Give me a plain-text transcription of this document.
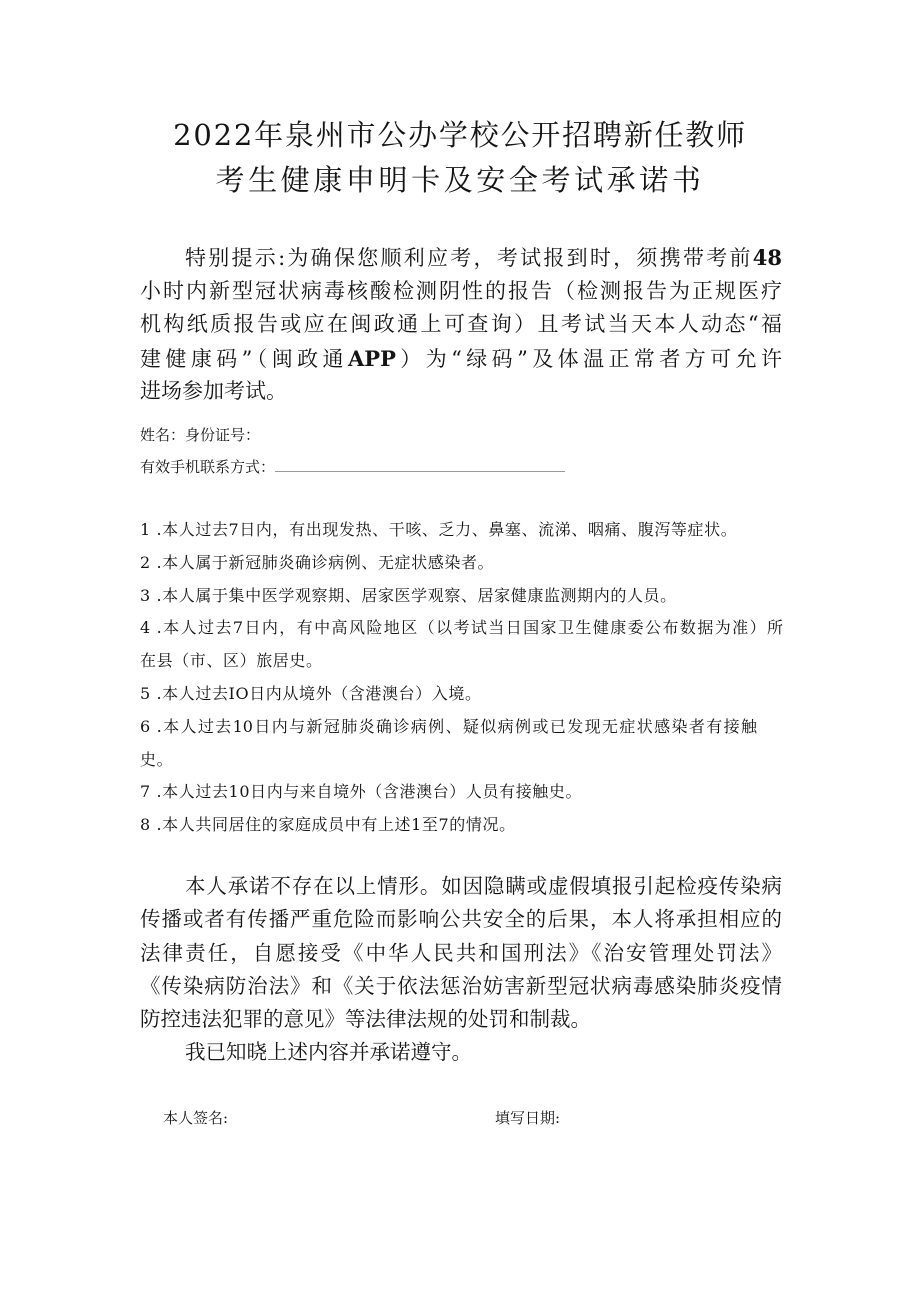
2022年泉州市公办学校公开招聘新任教师
考生健康申明卡及安全考试承诺书
特别提示:为确保您顺利应考，考试报到时，须携带考前48
小时内新型冠状病毒核酸检测阴性的报告（检测报告为正规医疗
机构纸质报告或应在闽政通上可查询）且考试当天本人动态“福
建健康码”（闽政通APP）为“绿码”及体温正常者方可允许
进场参加考试。
姓名：身份证号：
有效手机联系方式：
1 .本人过去7日内，有出现发热、干咳、乏力、鼻塞、流涕、咽痛、腹泻等症状。
2 .本人属于新冠肺炎确诊病例、无症状感染者。
3 .本人属于集中医学观察期、居家医学观察、居家健康监测期内的人员。
4 .本人过去7日内，有中高风险地区（以考试当日国家卫生健康委公布数据为准）所
在县（市、区）旅居史。
5 .本人过去IO日内从境外（含港澳台）入境。
6 .本人过去10日内与新冠肺炎确诊病例、疑似病例或已发现无症状感染者有接触
史。
7 .本人过去10日内与来自境外（含港澳台）人员有接触史。
8 .本人共同居住的家庭成员中有上述1至7的情况。
本人承诺不存在以上情形。如因隐瞒或虚假填报引起检疫传染病
传播或者有传播严重危险而影响公共安全的后果，本人将承担相应的
法律责任，自愿接受《中华人民共和国刑法》《治安管理处罚法》
《传染病防治法》和《关于依法惩治妨害新型冠状病毒感染肺炎疫情
防控违法犯罪的意见》等法律法规的处罚和制裁。
我已知晓上述内容并承诺遵守。
本人签名:	填写日期:
